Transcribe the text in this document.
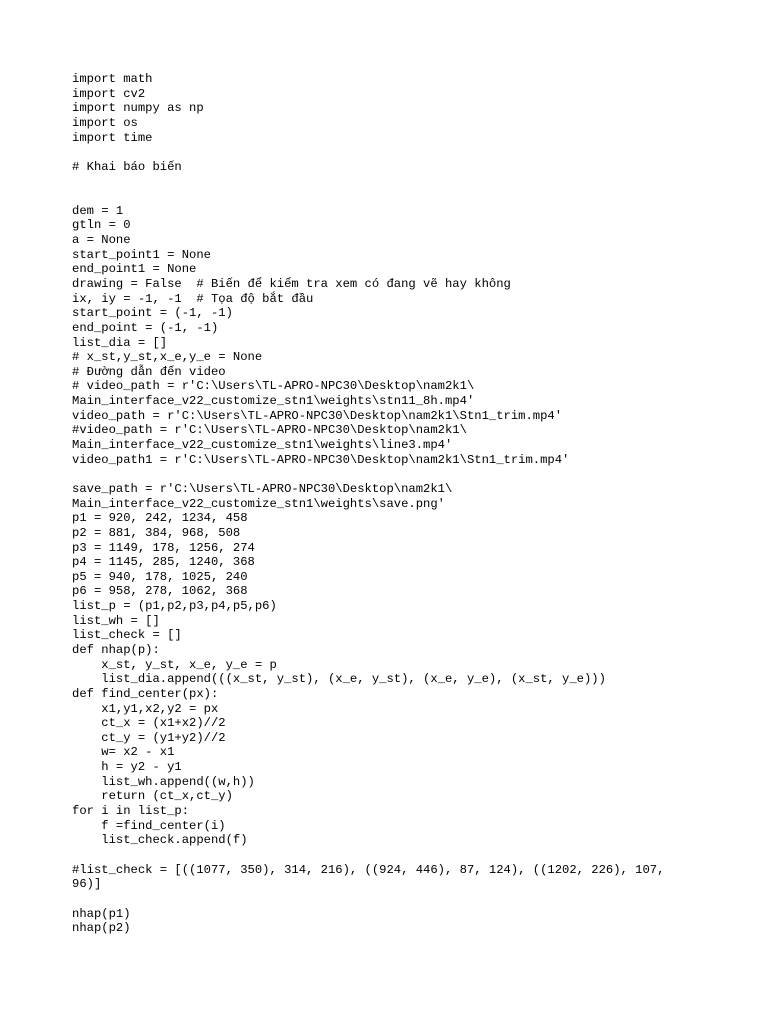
import math
import cv2
import numpy as np
import os
import time
# Khai báo biến
dem = 1
gtln = 0
a = None
start_point1 = None
end_point1 = None
drawing = False  # Biến để kiểm tra xem có đang vẽ hay không
ix, iy = -1, -1  # Tọa độ bắt đầu
start_point = (-1, -1)
end_point = (-1, -1)
list_dia = []
# x_st,y_st,x_e,y_e = None
# Đường dẫn đến video
# video_path = r'C:\Users\TL-APRO-NPC30\Desktop\nam2k1\
Main_interface_v22_customize_stn1\weights\stn11_8h.mp4'
video_path = r'C:\Users\TL-APRO-NPC30\Desktop\nam2k1\Stn1_trim.mp4'
#video_path = r'C:\Users\TL-APRO-NPC30\Desktop\nam2k1\
Main_interface_v22_customize_stn1\weights\line3.mp4'
video_path1 = r'C:\Users\TL-APRO-NPC30\Desktop\nam2k1\Stn1_trim.mp4'
save_path = r'C:\Users\TL-APRO-NPC30\Desktop\nam2k1\
Main_interface_v22_customize_stn1\weights\save.png'
p1 = 920, 242, 1234, 458
p2 = 881, 384, 968, 508
p3 = 1149, 178, 1256, 274
p4 = 1145, 285, 1240, 368
p5 = 940, 178, 1025, 240
p6 = 958, 278, 1062, 368
list_p = (p1,p2,p3,p4,p5,p6)
list_wh = []
list_check = []
def nhap(p):
x_st, y_st, x_e, y_e = p
list_dia.append(((x_st, y_st), (x_e, y_st), (x_e, y_e), (x_st, y_e)))
def find_center(px):
x1,y1,x2,y2 = px
ct_x = (x1+x2)//2
ct_y = (y1+y2)//2
w= x2 - x1
h = y2 - y1
list_wh.append((w,h))
return (ct_x,ct_y)
for i in list_p:
f =find_center(i)
list_check.append(f)
#list_check = [((1077, 350), 314, 216), ((924, 446), 87, 124), ((1202, 226), 107,
96)]
nhap(p1)
nhap(p2)
